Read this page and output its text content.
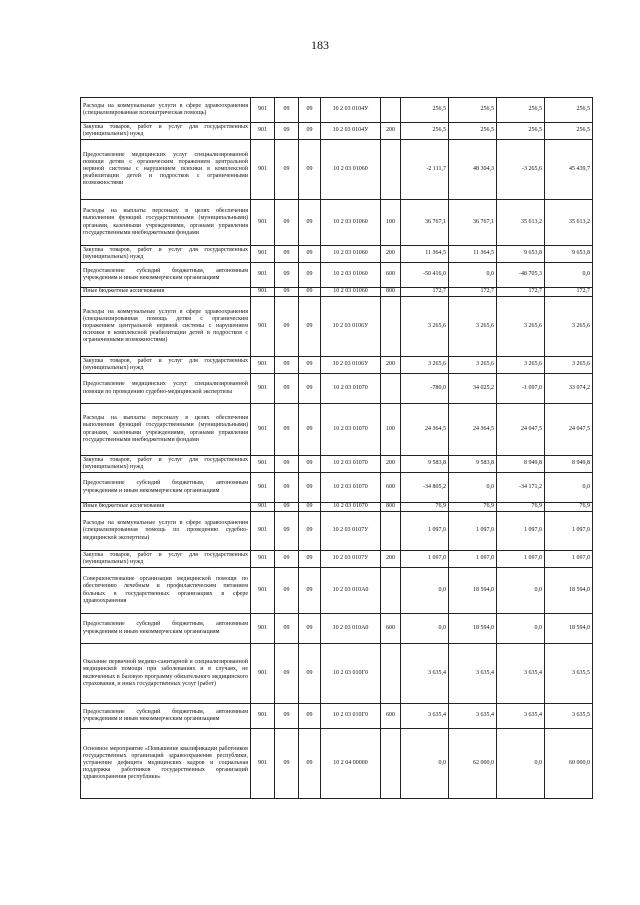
183
Расходы на коммунальные услуги в сфере здравоохранения (специализированная психиатрическая помощь)	901	09	09	10 2 03 0104У		256,5	256,5	256,5	256,5
Закупка товаров, работ и услуг для государственных (муниципальных) нужд	901	09	09	10 2 03 0104У	200	256,5	256,5	256,5	256,5
Предоставление медицинских услуг специализированной помощи детям с органическим поражением центральной нервной системы с нарушением психики в комплексной реабилитации детей и подростков с ограниченными возможностями	901	09	09	10 2 03 01060		-2 111,7	48 304,3	-3 265,6	45 439,7
Расходы на выплаты персоналу в целях обеспечения выполнения функций государственными (муниципальными) органами, казенными учреждениями, органами управления государственными внебюджетными фондами	901	09	09	10 2 03 01060	100	36 767,1	36 767,1	35 613,2	35 613,2
Закупка товаров, работ и услуг для государственных (муниципальных) нужд	901	09	09	10 2 03 01060	200	11 364,5	11 364,5	9 653,8	9 653,8
Предоставление субсидий бюджетным, автономным учреждениям и иным некоммерческим организациям	901	09	09	10 2 03 01060	600	-50 416,0	0,0	-48 705,3	0,0
Иные бюджетные ассигнования	901	09	09	10 2 03 01060	800	172,7	172,7	172,7	172,7
Расходы на коммунальные услуги в сфере здравоохранения (специализированная помощь детям с органическим поражением центральной нервной системы с нарушением психики в комплексной реабилитации детей и подростков с ограниченными возможностями)	901	09	09	10 2 03 0106У		3 265,6	3 265,6	3 265,6	3 265,6
Закупка товаров, работ и услуг для государственных (муниципальных) нужд	901	09	09	10 2 03 0106У	200	3 265,6	3 265,6	3 265,6	3 265,6
Предоставление медицинских услуг специализированной помощи по проведению судебно-медицинской экспертизы	901	09	09	10 2 03 01070		-780,0	34 025,2	-1 097,0	33 074,2
Расходы на выплаты персоналу в целях обеспечения выполнения функций государственными (муниципальными) органами, казенными учреждениями, органами управления государственными внебюджетными фондами	901	09	09	10 2 03 01070	100	24 364,5	24 364,5	24 047,5	24 047,5
Закупка товаров, работ и услуг для государственных (муниципальных) нужд	901	09	09	10 2 03 01070	200	9 583,8	9 583,8	8 949,8	8 949,8
Предоставление субсидий бюджетным, автономным учреждениям и иным некоммерческим организациям	901	09	09	10 2 03 01070	600	-34 805,2	0,0	-34 171,2	0,0
Иные бюджетные ассигнования	901	09	09	10 2 03 01070	800	76,9	76,9	76,9	76,9
Расходы на коммунальные услуги в сфере здравоохранения (специализированная помощь по проведению судебно-медицинской экспертизы)	901	09	09	10 2 03 0107У		1 097,0	1 097,0	1 097,0	1 097,0
Закупка товаров, работ и услуг для государственных (муниципальных) нужд	901	09	09	10 2 03 0107У	200	1 097,0	1 097,0	1 097,0	1 097,0
Совершенствование организации медицинской помощи по обеспечению лечебным и профилактическим питанием больных в государственных организациях в сфере здравоохранения	901	09	09	10 2 03 010А0		0,0	18 594,0	0,0	18 594,0
Предоставление субсидий бюджетным, автономным учреждениям и иным некоммерческим организациям	901	09	09	10 2 03 010А0	600	0,0	18 594,0	0,0	18 594,0
Оказание первичной медико-санитарной и специализированной медицинской помощи при заболеваниях и в случаях, не включенных в базовую программу обязательного медицинского страхования, и иных государственных услуг (работ)	901	09	09	10 2 03 010Г0		3 635,4	3 635,4	3 635,4	3 635,5
Предоставление субсидий бюджетным, автономным учреждениям и иным некоммерческим организациям	901	09	09	10 2 03 010Г0	600	3 635,4	3 635,4	3 635,4	3 635,5
Основное мероприятие «Повышение квалификации работников государственных организаций здравоохранения республики, устранение дефицита медицинских кадров и социальная поддержка работников государственных организаций здравоохранения республики»	901	09	09	10 2 04 00000		0,0	62 000,0	0,0	60 000,0
